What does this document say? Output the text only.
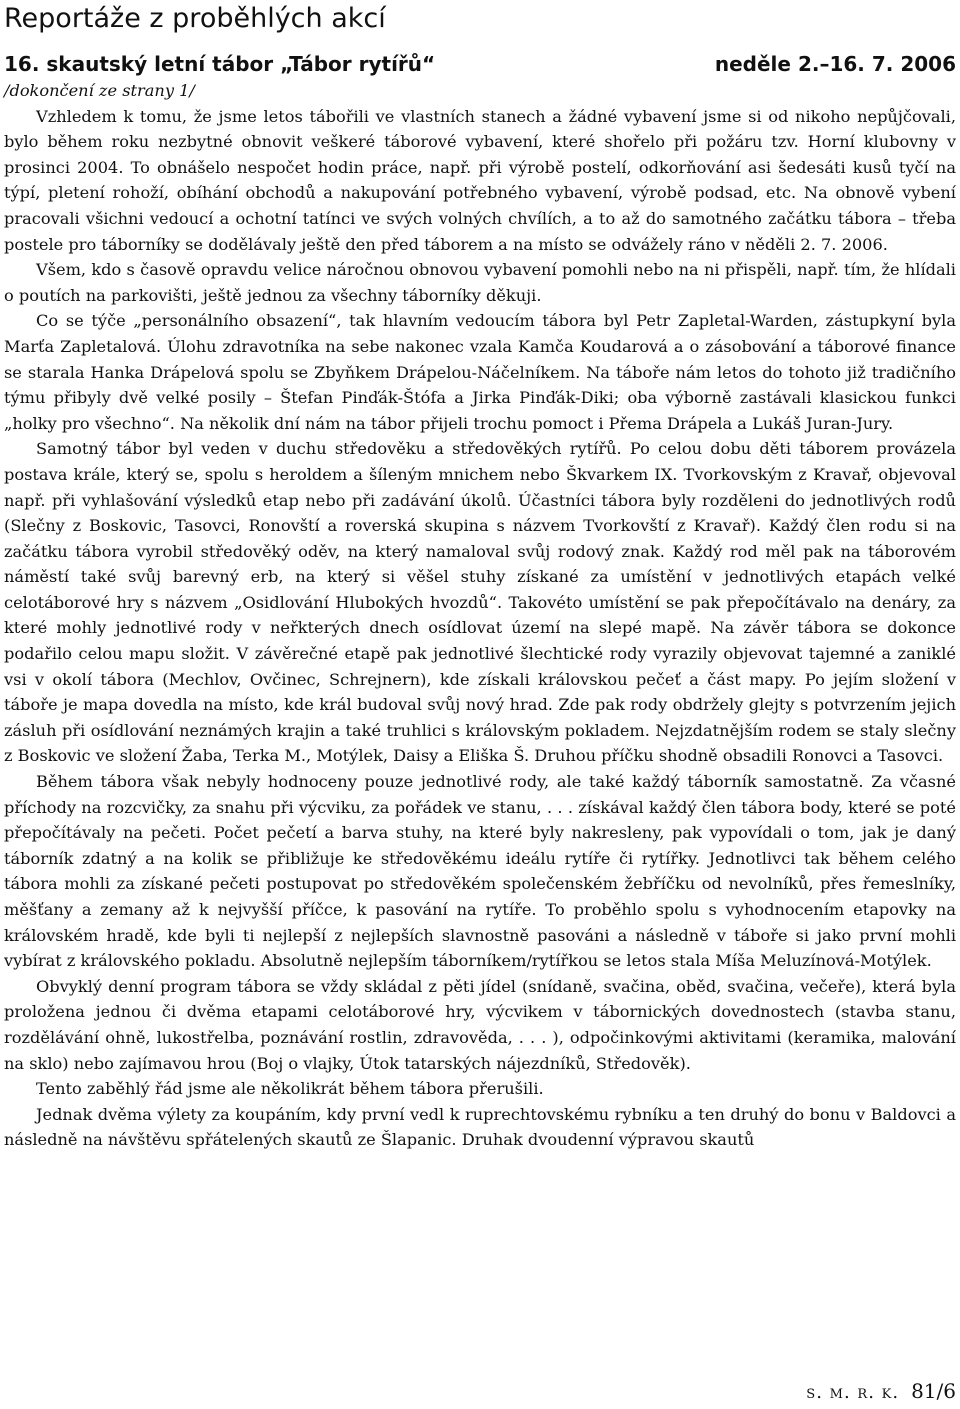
Reportáže z proběhlých akcí
16. skautský letní tábor „Tábor rytířů“	neděle 2.–16. 7. 2006

/dokončení ze strany 1/

Vzhledem k tomu, že jsme letos tábořili ve vlastních stanech a žádné vybavení jsme si od nikoho nepůjčovali, bylo během roku nezbytné obnovit veškeré táborové vybavení, které shořelo při požáru tzv. Horní klubovny v prosinci 2004. To obnášelo nespočet hodin práce, např. při výrobě postelí, odkorňování asi šedesáti kusů tyčí na týpí, pletení rohoží, obíhání obchodů a nakupování potřebného vybavení, výrobě podsad, etc. Na obnově vybení pracovali všichni vedoucí a ochotní tatínci ve svých volných chvílích, a to až do samotného začátku tábora – třeba postele pro táborníky se dodělávaly ještě den před táborem a na místo se odvážely ráno v něděli 2. 7. 2006.

Všem, kdo s časově opravdu velice náročnou obnovou vybavení pomohli nebo na ni přispěli, např. tím, že hlídali o poutích na parkovišti, ještě jednou za všechny táborníky děkuji.

Co se týče „personálního obsazení“, tak hlavním vedoucím tábora byl Petr Zapletal-Warden, zástupkyní byla Marťa Zapletalová. Úlohu zdravotníka na sebe nakonec vzala Kamča Koudarová a o zásobování a táborové finance se starala Hanka Drápelová spolu se Zbyňkem Drápelou-Náčelníkem. Na táboře nám letos do tohoto již tradičního týmu přibyly dvě velké posily – Štefan Pinďák-Štófa a Jirka Pinďák-Diki; oba výborně zastávali klasickou funkci „holky pro všechno“. Na několik dní nám na tábor přijeli trochu pomoct i Přema Drápela a Lukáš Juran-Jury.

Samotný tábor byl veden v duchu středověku a středověkých rytířů. Po celou dobu děti táborem provázela postava krále, který se, spolu s heroldem a šíleným mnichem nebo Škvarkem IX. Tvorkovským z Kravař, objevoval např. při vyhlašování výsledků etap nebo při zadávání úkolů. Účastníci tábora byly rozděleni do jednotlivých rodů (Slečny z Boskovic, Tasovci, Ronovští a roverská skupina s názvem Tvorkovští z Kravař). Každý člen rodu si na začátku tábora vyrobil středověký oděv, na který namaloval svůj rodový znak. Každý rod měl pak na táborovém náměstí také svůj barevný erb, na který si věšel stuhy získané za umístění v jednotlivých etapách velké celotáborové hry s názvem „Osidlování Hlubokých hvozdů“. Takovéto umístění se pak přepočítávalo na denáry, za které mohly jednotlivé rody v neřkterých dnech osídlovat území na slepé mapě. Na závěr tábora se dokonce podařilo celou mapu složit. V závěrečné etapě pak jednotlivé šlechtické rody vyrazily objevovat tajemné a zaniklé vsi v okolí tábora (Mechlov, Ovčinec, Schrejnern), kde získali královskou pečeť a část mapy. Po jejím složení v táboře je mapa dovedla na místo, kde král budoval svůj nový hrad. Zde pak rody obdržely glejty s potvrzením jejich zásluh při osídlování neznámých krajin a také truhlici s královským pokladem. Nejzdatnějším rodem se staly slečny z Boskovic ve složení Žaba, Terka M., Motýlek, Daisy a Eliška Š. Druhou příčku shodně obsadili Ronovci a Tasovci.

Během tábora však nebyly hodnoceny pouze jednotlivé rody, ale také každý táborník samostatně. Za včasné příchody na rozcvičky, za snahu při výcviku, za pořádek ve stanu, . . . získával každý člen tábora body, které se poté přepočítávaly na pečeti. Počet pečetí a barva stuhy, na které byly nakresleny, pak vypovídali o tom, jak je daný táborník zdatný a na kolik se přibližuje ke středověkému ideálu rytíře či rytířky. Jednotlivci tak během celého tábora mohli za získané pečeti postupovat po středověkém společenském žebříčku od nevolníků, přes řemeslníky, měšťany a zemany až k nejvyšší příčce, k pasování na rytíře. To proběhlo spolu s vyhodnocením etapovky na královském hradě, kde byli ti nejlepší z nejlepších slavnostně pasováni a následně v táboře si jako první mohli vybírat z královského pokladu. Absolutně nejlepším táborníkem/rytířkou se letos stala Míša Meluzínová-Motýlek.

Obvyklý denní program tábora se vždy skládal z pěti jídel (snídaně, svačina, oběd, svačina, večeře), která byla proložena jednou či dvěma etapami celotáborové hry, výcvikem v tábornických dovednostech (stavba stanu, rozdělávání ohně, lukostřelba, poznávání rostlin, zdravověda, . . . ), odpočinkovými aktivitami (keramika, malování na sklo) nebo zajímavou hrou (Boj o vlajky, Útok tatarských nájezdníků, Středověk).

Tento zaběhlý řád jsme ale několikrát během tábora přerušili.

Jednak dvěma výlety za koupáním, kdy první vedl k ruprechtovskému rybníku a ten druhý do bonu v Baldovci a následně na návštěvu spřátelených skautů ze Šlapanic. Druhak dvoudenní výpravou skautů

s. m. r. k. 81/6
